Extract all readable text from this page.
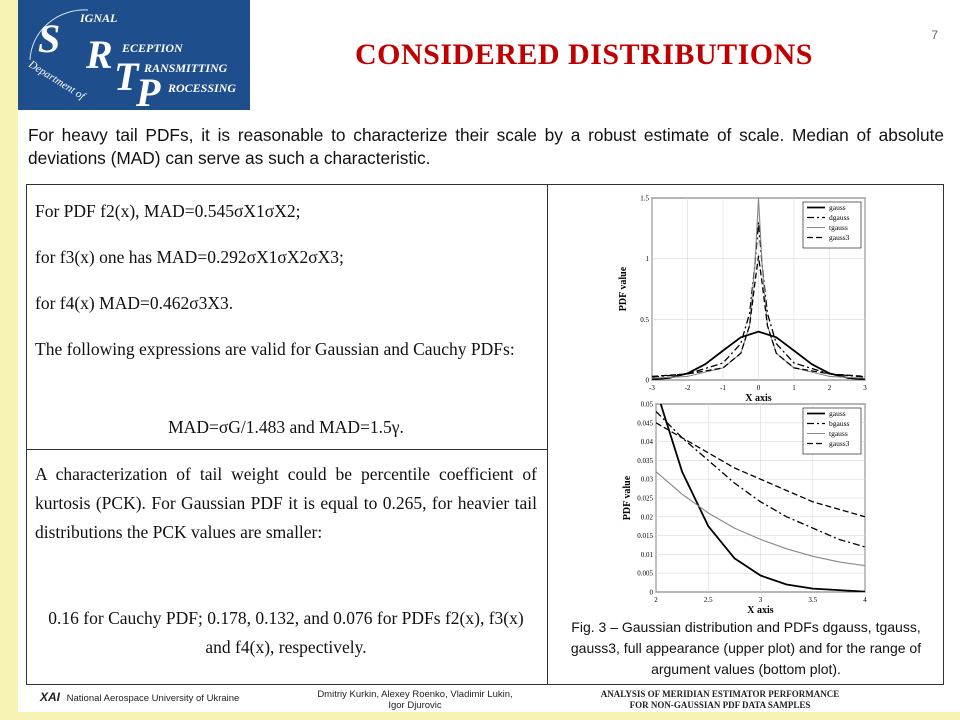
S R T
P
IGNAL
ECEPTION
RANSMITTING
ROCESSING
Department of
CONSIDERED DISTRIBUTIONS
7
For heavy tail PDFs, it is reasonable to characterize their scale by a robust estimate of scale. Median of absolute deviations (MAD) can serve as such a characteristic.
For PDF f2(x), MAD=0.545σX1σX2;
for f3(x) one has MAD=0.292σX1σX2σX3;
for f4(x) MAD=0.462σ3X3.
The following expressions are valid for Gaussian and Cauchy PDFs:
MAD=σG/1.483 and MAD=1.5γ.
A characterization of tail weight could be percentile coefficient of kurtosis (PCK). For Gaussian PDF it is equal to 0.265, for heavier tail distributions the PCK values are smaller:
0.16 for Cauchy PDF; 0.178, 0.132, and 0.076 for PDFs f2(x), f3(x) and f4(x), respectively.
-3	-2	-1	0	1	2	3
0
0.5
1
1.5
gauss
dgauss
tgauss
gauss3
X axis
PDF value
2	2.5	3	3.5	4
0
0.005
0.01
0.015
0.02
0.025
0.03
0.035
0.04
0.045
0.05
gauss
bgauss
tgauss
gauss3
X axis
PDF value
Fig. 3 – Gaussian distribution and PDFs dgauss, tgauss, gauss3, full appearance (upper plot) and for the range of argument values (bottom plot).
ХАІ National Aerospace University of Ukraine	Dmitriy Kurkin, Alexey Roenko, Vladimir Lukin,
Igor Djurovic
ANALYSIS OF MERIDIAN ESTIMATOR PERFORMANCE
FOR NON-GAUSSIAN PDF DATA SAMPLES
